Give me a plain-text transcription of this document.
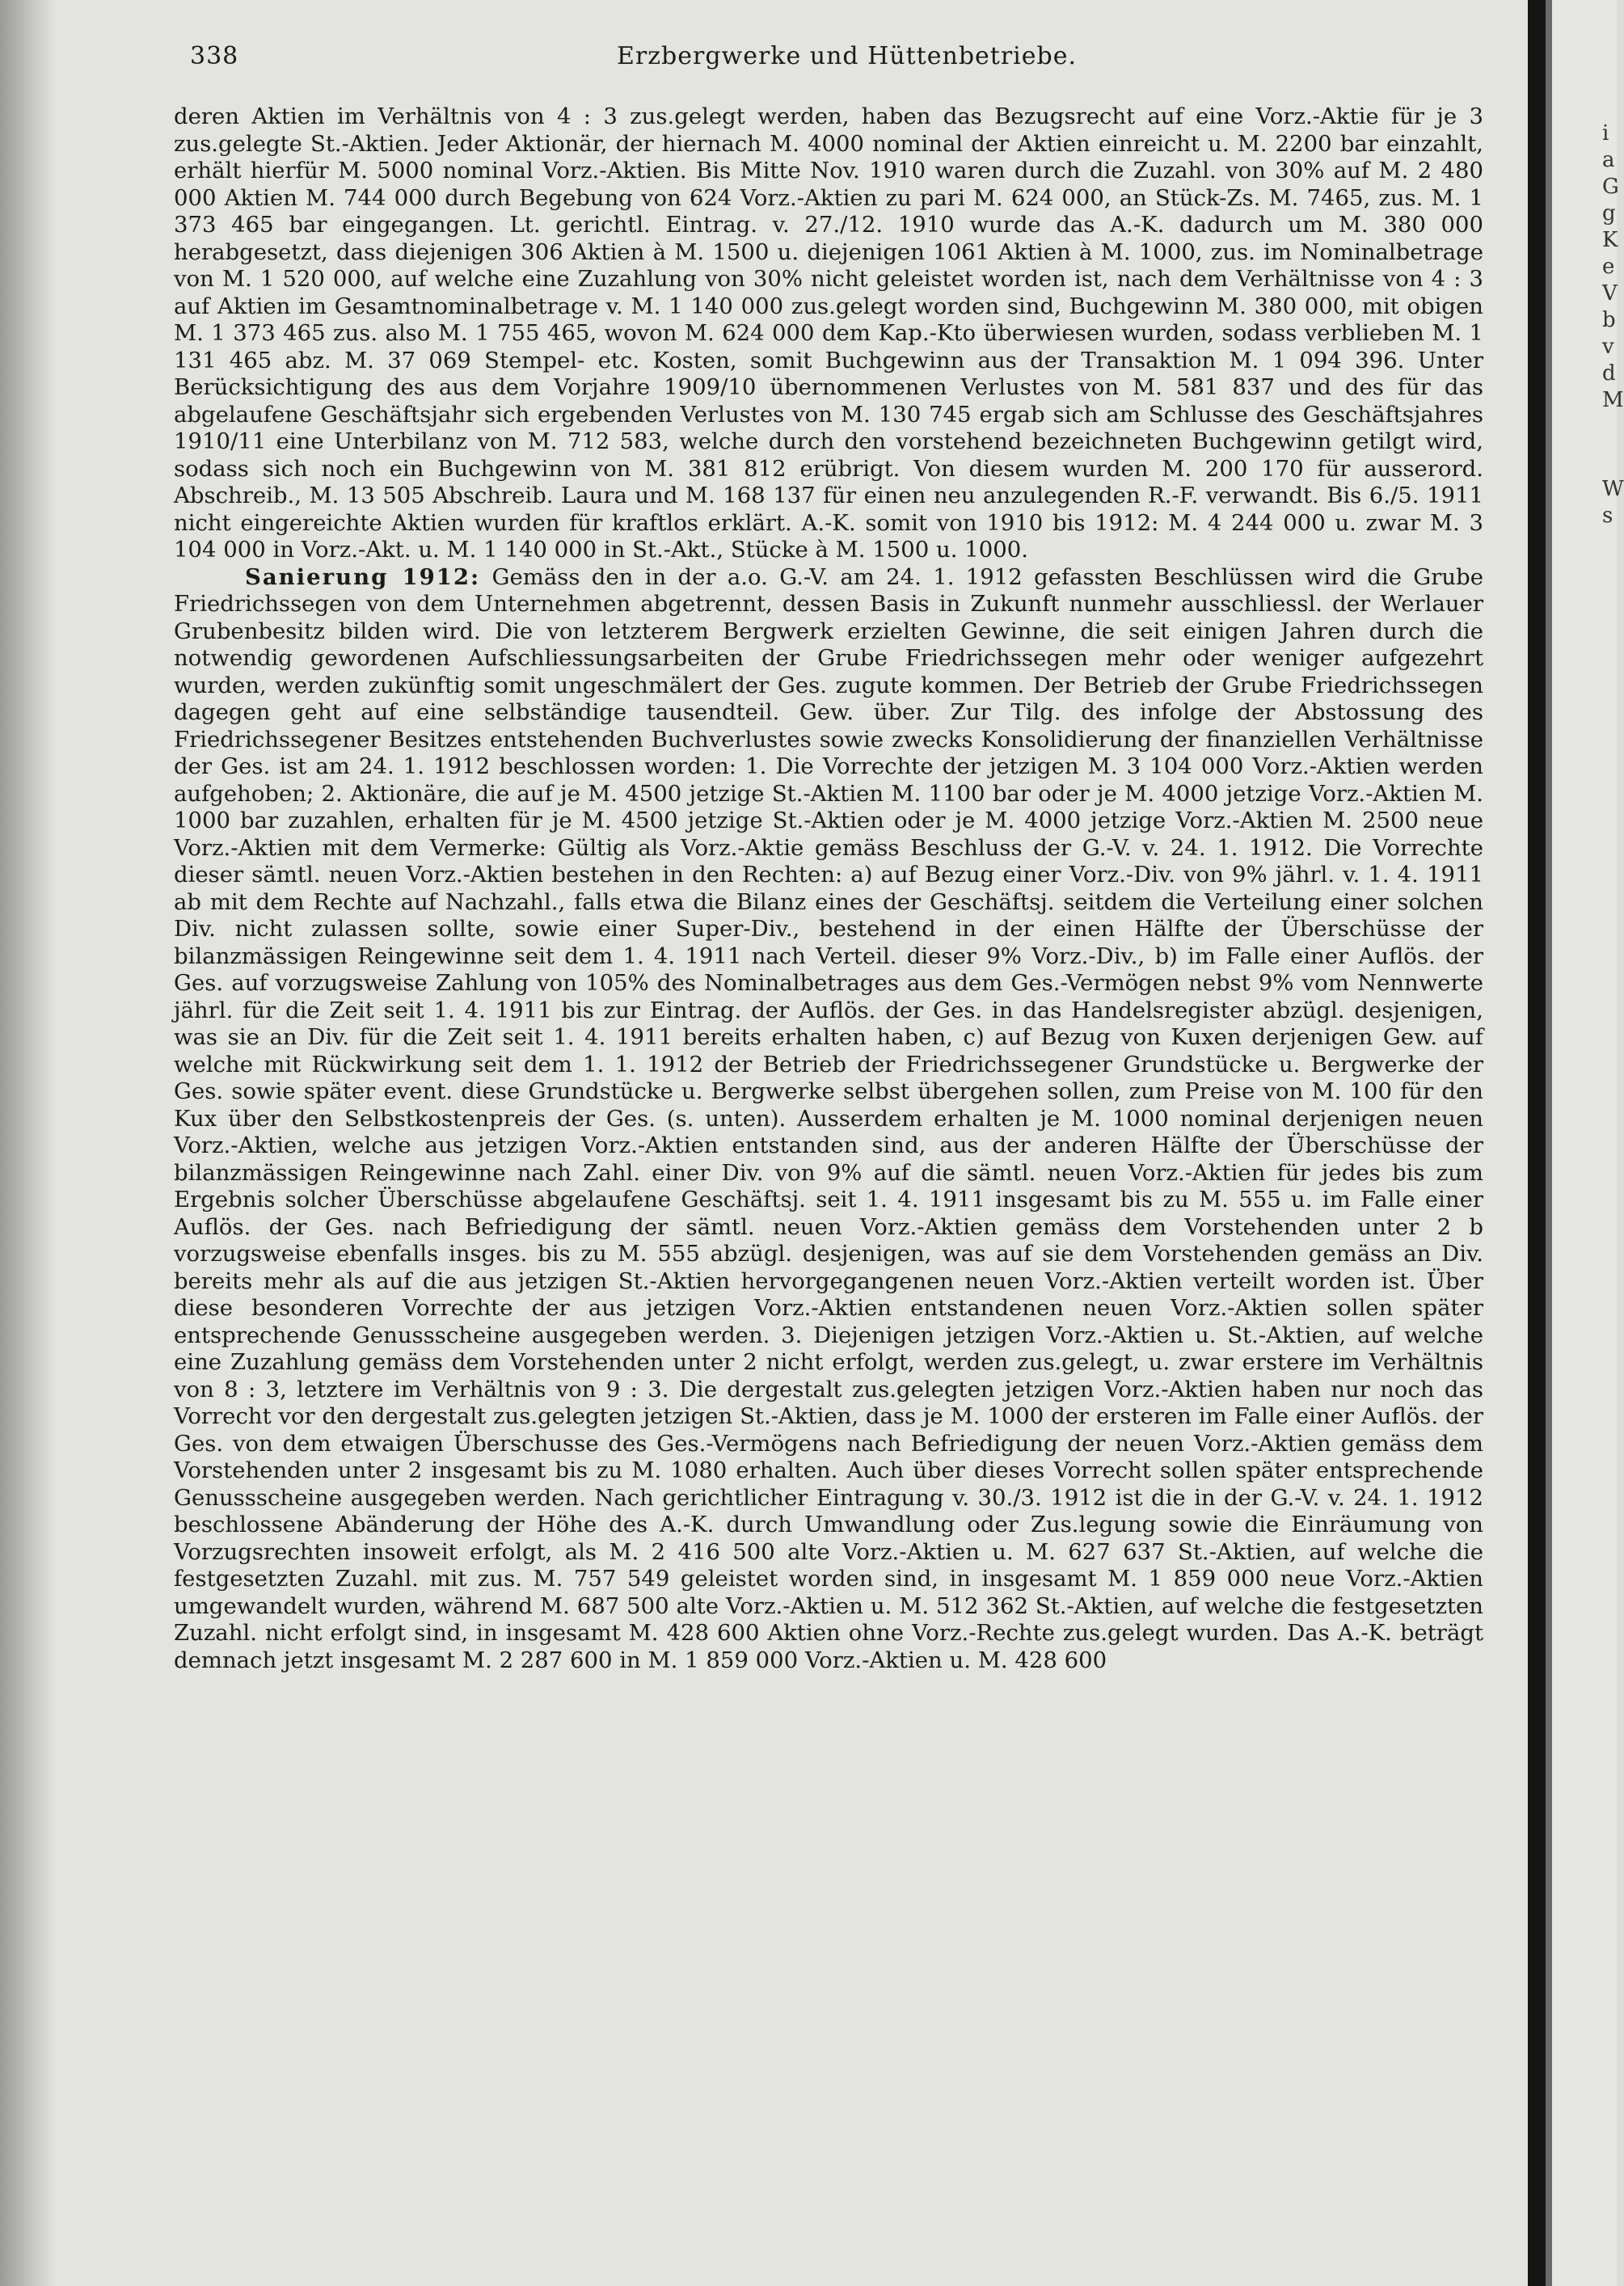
338	Erzbergwerke und Hüttenbetriebe.

deren Aktien im Verhältnis von 4 : 3 zus.gelegt werden, haben das Bezugsrecht auf eine Vorz.-Aktie für je 3 zus.gelegte St.-Aktien. Jeder Aktionär, der hiernach M. 4000 nominal der Aktien einreicht u. M. 2200 bar einzahlt, erhält hierfür M. 5000 nominal Vorz.-Aktien. Bis Mitte Nov. 1910 waren durch die Zuzahl. von 30% auf M. 2 480 000 Aktien M. 744 000 durch Begebung von 624 Vorz.-Aktien zu pari M. 624 000, an Stück-Zs. M. 7465, zus. M. 1 373 465 bar eingegangen. Lt. gerichtl. Eintrag. v. 27./12. 1910 wurde das A.-K. dadurch um M. 380 000 herabgesetzt, dass diejenigen 306 Aktien à M. 1500 u. diejenigen 1061 Aktien à M. 1000, zus. im Nominalbetrage von M. 1 520 000, auf welche eine Zuzahlung von 30% nicht geleistet worden ist, nach dem Verhältnisse von 4 : 3 auf Aktien im Gesamtnominalbetrage v. M. 1 140 000 zus.gelegt worden sind, Buchgewinn M. 380 000, mit obigen M. 1 373 465 zus. also M. 1 755 465, wovon M. 624 000 dem Kap.-Kto überwiesen wurden, sodass verblieben M. 1 131 465 abz. M. 37 069 Stempel- etc. Kosten, somit Buchgewinn aus der Transaktion M. 1 094 396. Unter Berücksichtigung des aus dem Vorjahre 1909/10 übernommenen Verlustes von M. 581 837 und des für das abgelaufene Geschäftsjahr sich ergebenden Verlustes von M. 130 745 ergab sich am Schlusse des Geschäftsjahres 1910/11 eine Unterbilanz von M. 712 583, welche durch den vorstehend bezeichneten Buchgewinn getilgt wird, sodass sich noch ein Buchgewinn von M. 381 812 erübrigt. Von diesem wurden M. 200 170 für ausserord. Abschreib., M. 13 505 Abschreib. Laura und M. 168 137 für einen neu anzulegenden R.-F. verwandt. Bis 6./5. 1911 nicht eingereichte Aktien wurden für kraftlos erklärt. A.-K. somit von 1910 bis 1912: M. 4 244 000 u. zwar M. 3 104 000 in Vorz.-Akt. u. M. 1 140 000 in St.-Akt., Stücke à M. 1500 u. 1000.

Sanierung 1912: Gemäss den in der a.o. G.-V. am 24. 1. 1912 gefassten Beschlüssen wird die Grube Friedrichssegen von dem Unternehmen abgetrennt, dessen Basis in Zukunft nunmehr ausschliessl. der Werlauer Grubenbesitz bilden wird. Die von letzterem Bergwerk erzielten Gewinne, die seit einigen Jahren durch die notwendig gewordenen Aufschliessungsarbeiten der Grube Friedrichssegen mehr oder weniger aufgezehrt wurden, werden zukünftig somit ungeschmälert der Ges. zugute kommen. Der Betrieb der Grube Friedrichssegen dagegen geht auf eine selbständige tausendteil. Gew. über. Zur Tilg. des infolge der Abstossung des Friedrichssegener Besitzes entstehenden Buchverlustes sowie zwecks Konsolidierung der finanziellen Verhältnisse der Ges. ist am 24. 1. 1912 beschlossen worden: 1. Die Vorrechte der jetzigen M. 3 104 000 Vorz.-Aktien werden aufgehoben; 2. Aktionäre, die auf je M. 4500 jetzige St.-Aktien M. 1100 bar oder je M. 4000 jetzige Vorz.-Aktien M. 1000 bar zuzahlen, erhalten für je M. 4500 jetzige St.-Aktien oder je M. 4000 jetzige Vorz.-Aktien M. 2500 neue Vorz.-Aktien mit dem Vermerke: Gültig als Vorz.-Aktie gemäss Beschluss der G.-V. v. 24. 1. 1912. Die Vorrechte dieser sämtl. neuen Vorz.-Aktien bestehen in den Rechten: a) auf Bezug einer Vorz.-Div. von 9% jährl. v. 1. 4. 1911 ab mit dem Rechte auf Nachzahl., falls etwa die Bilanz eines der Geschäftsj. seitdem die Verteilung einer solchen Div. nicht zulassen sollte, sowie einer Super-Div., bestehend in der einen Hälfte der Überschüsse der bilanzmässigen Reingewinne seit dem 1. 4. 1911 nach Verteil. dieser 9% Vorz.-Div., b) im Falle einer Auflös. der Ges. auf vorzugsweise Zahlung von 105% des Nominalbetrages aus dem Ges.-Vermögen nebst 9% vom Nennwerte jährl. für die Zeit seit 1. 4. 1911 bis zur Eintrag. der Auflös. der Ges. in das Handelsregister abzügl. desjenigen, was sie an Div. für die Zeit seit 1. 4. 1911 bereits erhalten haben, c) auf Bezug von Kuxen derjenigen Gew. auf welche mit Rückwirkung seit dem 1. 1. 1912 der Betrieb der Friedrichssegener Grundstücke u. Bergwerke der Ges. sowie später event. diese Grundstücke u. Bergwerke selbst übergehen sollen, zum Preise von M. 100 für den Kux über den Selbstkostenpreis der Ges. (s. unten). Ausserdem erhalten je M. 1000 nominal derjenigen neuen Vorz.-Aktien, welche aus jetzigen Vorz.-Aktien entstanden sind, aus der anderen Hälfte der Überschüsse der bilanzmässigen Reingewinne nach Zahl. einer Div. von 9% auf die sämtl. neuen Vorz.-Aktien für jedes bis zum Ergebnis solcher Überschüsse abgelaufene Geschäftsj. seit 1. 4. 1911 insgesamt bis zu M. 555 u. im Falle einer Auflös. der Ges. nach Befriedigung der sämtl. neuen Vorz.-Aktien gemäss dem Vorstehenden unter 2 b vorzugsweise ebenfalls insges. bis zu M. 555 abzügl. desjenigen, was auf sie dem Vorstehenden gemäss an Div. bereits mehr als auf die aus jetzigen St.-Aktien hervorgegangenen neuen Vorz.-Aktien verteilt worden ist. Über diese besonderen Vorrechte der aus jetzigen Vorz.-Aktien entstandenen neuen Vorz.-Aktien sollen später entsprechende Genussscheine ausgegeben werden. 3. Diejenigen jetzigen Vorz.-Aktien u. St.-Aktien, auf welche eine Zuzahlung gemäss dem Vorstehenden unter 2 nicht erfolgt, werden zus.gelegt, u. zwar erstere im Verhältnis von 8 : 3, letztere im Verhältnis von 9 : 3. Die dergestalt zus.gelegten jetzigen Vorz.-Aktien haben nur noch das Vorrecht vor den dergestalt zus.gelegten jetzigen St.-Aktien, dass je M. 1000 der ersteren im Falle einer Auflös. der Ges. von dem etwaigen Überschusse des Ges.-Vermögens nach Befriedigung der neuen Vorz.-Aktien gemäss dem Vorstehenden unter 2 insgesamt bis zu M. 1080 erhalten. Auch über dieses Vorrecht sollen später entsprechende Genussscheine ausgegeben werden. Nach gerichtlicher Eintragung v. 30./3. 1912 ist die in der G.-V. v. 24. 1. 1912 beschlossene Abänderung der Höhe des A.-K. durch Umwandlung oder Zus.legung sowie die Einräumung von Vorzugsrechten insoweit erfolgt, als M. 2 416 500 alte Vorz.-Aktien u. M. 627 637 St.-Aktien, auf welche die festgesetzten Zuzahl. mit zus. M. 757 549 geleistet worden sind, in insgesamt M. 1 859 000 neue Vorz.-Aktien umgewandelt wurden, während M. 687 500 alte Vorz.-Aktien u. M. 512 362 St.-Aktien, auf welche die festgesetzten Zuzahl. nicht erfolgt sind, in insgesamt M. 428 600 Aktien ohne Vorz.-Rechte zus.gelegt wurden. Das A.-K. beträgt demnach jetzt insgesamt M. 2 287 600 in M. 1 859 000 Vorz.-Aktien u. M. 428 600

i
a
G
g
K
e
V
b
v
d
M
W
s
